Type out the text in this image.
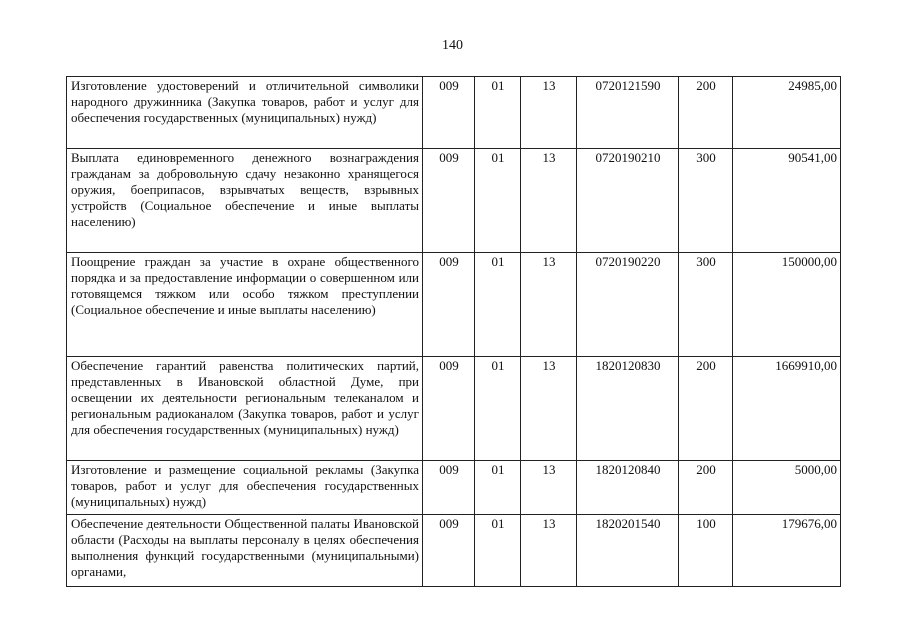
140
Изготовление удостоверений и отличительной символики народного дружинника (Закупка товаров, работ и услуг для обеспечения государственных (муниципальных) нужд)	009	01	13	0720121590	200	24985,00
Выплата единовременного денежного вознаграждения гражданам за добровольную сдачу незаконно хранящегося оружия, боеприпасов, взрывчатых веществ, взрывных устройств (Социальное обеспечение и иные выплаты населению)	009	01	13	0720190210	300	90541,00
Поощрение граждан за участие в охране общественного порядка и за предоставление информации о совершенном или готовящемся тяжком или особо тяжком преступлении (Социальное обеспечение и иные выплаты населению)	009	01	13	0720190220	300	150000,00
Обеспечение гарантий равенства политических партий, представленных в Ивановской областной Думе, при освещении их деятельности региональным телеканалом и региональным радиоканалом (Закупка товаров, работ и услуг для обеспечения государственных (муниципальных) нужд)	009	01	13	1820120830	200	1669910,00
Изготовление и размещение социальной рекламы (Закупка товаров, работ и услуг для обеспечения государственных (муниципальных) нужд)	009	01	13	1820120840	200	5000,00
Обеспечение деятельности Общественной палаты Ивановской области (Расходы на выплаты персоналу в целях обеспечения выполнения функций государственными (муниципальными) органами,	009	01	13	1820201540	100	179676,00
